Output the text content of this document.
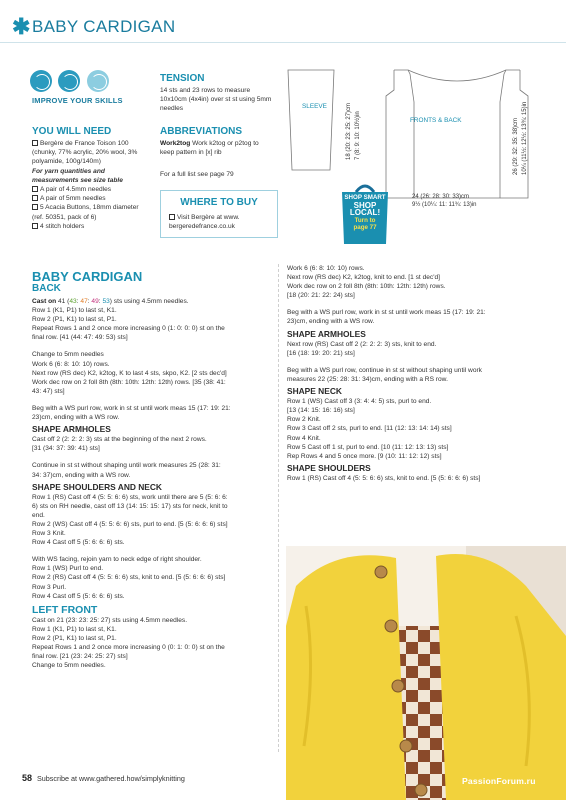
✱ BABY CARDIGAN

IMPROVE YOUR SKILLS
YOU WILL NEED
Bergère de France Toison 100 (chunky, 77% acrylic, 20% wool, 3% polyamide, 100g/140m)
For yarn quantities and measurements see size table
A pair of 4.5mm needles
A pair of 5mm needles
5 Acacia Buttons, 18mm diameter (ref. 50351, pack of 6)
4 stitch holders
TENSION
14 sts and 23 rows to measure 10x10cm (4x4in) over st st using 5mm needles
ABBREVIATIONS
Work2tog Work k2tog or p2tog to keep pattern in [x] rib
For a full list see page 79
WHERE TO BUY
Visit Bergère at www. bergeredefrance.co.uk
SLEEVE
FRONTS & BACK
18 (20: 23: 25: 27)cm 7 (8: 9: 10: 10½)in	26 (29: 32: 35: 38)cm 10¼ (11½: 12½: 13¾: 15)in
24 (26: 28: 30: 33)cm
9½ (10¼: 11: 11¾: 13)in
SHOP SMART
SHOP
LOCAL!
Turn to
page 77
BABY CARDIGAN
BACK

Cast on 41 (43: 47: 49: 53) sts using 4.5mm needles.

Row 1 (K1, P1) to last st, K1.

Row 2 (P1, K1) to last st, P1.

Repeat Rows 1 and 2 once more increasing 0 (1: 0: 0: 0) st on the

final row. [41 (44: 47: 49: 53) sts]

Change to 5mm needles

Work 6 (6: 8: 10: 10) rows.

Next row (RS dec) K2, k2tog, K to last 4 sts, skpo, K2. [2 sts dec'd]

Work dec row on 2 foll 8th (8th: 10th: 12th: 12th) rows. [35 (38: 41:

43: 47) sts]

Beg with a WS purl row, work in st st until work meas 15 (17: 19: 21:

23)cm, ending with a WS row.

SHAPE ARMHOLES

Cast off 2 (2: 2: 2: 3) sts at the beginning of the next 2 rows.

[31 (34: 37: 39: 41) sts]

Continue in st st without shaping until work measures 25 (28: 31:

34: 37)cm, ending with a WS row.

SHAPE SHOULDERS AND NECK

Row 1 (RS) Cast off 4 (5: 5: 6: 6) sts, work until there are 5 (5: 6: 6:

6) sts on RH needle, cast off 13 (14: 15: 15: 17) sts for neck, knit to

end.

Row 2 (WS) Cast off 4 (5: 5: 6: 6) sts, purl to end. [5 (5: 6: 6: 6) sts]

Row 3 Knit.

Row 4 Cast off 5 (5: 6: 6: 6) sts.

With WS facing, rejoin yarn to neck edge of right shoulder.

Row 1 (WS) Purl to end.

Row 2 (RS) Cast off 4 (5: 5: 6: 6) sts, knit to end. [5 (5: 6: 6: 6) sts]

Row 3 Purl.

Row 4 Cast off 5 (5: 6: 6: 6) sts.

LEFT FRONT

Cast on 21 (23: 23: 25: 27) sts using 4.5mm needles.

Row 1 (K1, P1) to last st, K1.

Row 2 (P1, K1) to last st, P1.

Repeat Rows 1 and 2 once more increasing 0 (0: 1: 0: 0) st on the

final row. [21 (23: 24: 25: 27) sts]

Change to 5mm needles.

Work 6 (6: 8: 10: 10) rows.

Next row (RS dec) K2, k2tog, knit to end. [1 st dec'd]

Work dec row on 2 foll 8th (8th: 10th: 12th: 12th) rows.

[18 (20: 21: 22: 24) sts]

Beg with a WS purl row, work in st st until work meas 15 (17: 19: 21:

23)cm, ending with a WS row.

SHAPE ARMHOLES

Next row (RS) Cast off 2 (2: 2: 2: 3) sts, knit to end.

[16 (18: 19: 20: 21) sts]

Beg with a WS purl row, continue in st st without shaping until work

measures 22 (25: 28: 31: 34)cm, ending with a RS row.

SHAPE NECK

Row 1 (WS) Cast off 3 (3: 4: 4: 5) sts, purl to end.

[13 (14: 15: 16: 16) sts]

Row 2 Knit.

Row 3 Cast off 2 sts, purl to end. [11 (12: 13: 14: 14) sts]

Row 4 Knit.

Row 5 Cast off 1 st, purl to end. [10 (11: 12: 13: 13) sts]

Rep Rows 4 and 5 once more. [9 (10: 11: 12: 12) sts]

SHAPE SHOULDERS

Row 1 (RS) Cast off 4 (5: 5: 6: 6) sts, knit to end. [5 (5: 6: 6: 6) sts]

58 Subscribe at www.gathered.how/simplyknitting	PassionForum.ru
